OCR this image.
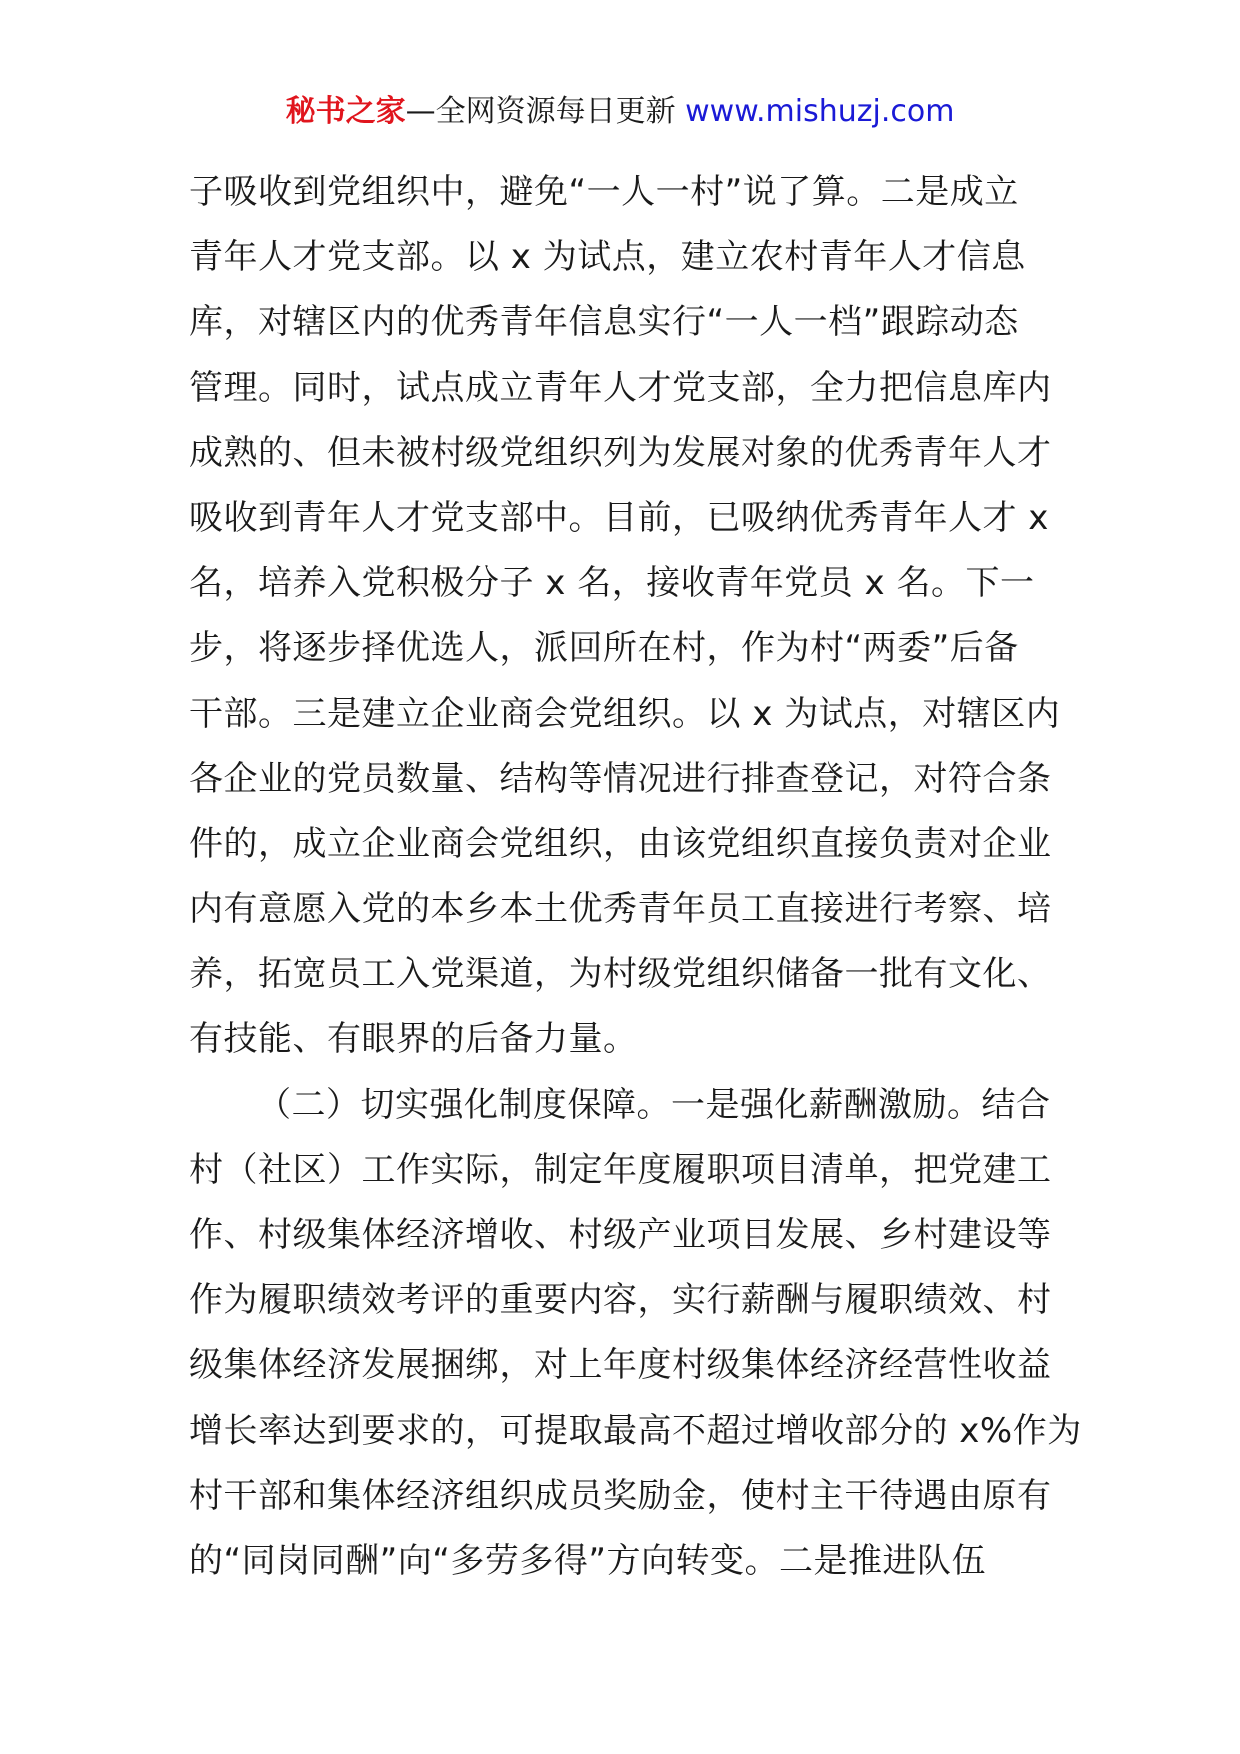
秘书之家—全网资源每日更新 www.mishuzj.com
子吸收到党组织中，避免“一人一村”说了算。二是成立
青年人才党支部。以 x 为试点，建立农村青年人才信息
库，对辖区内的优秀青年信息实行“一人一档”跟踪动态
管理。同时，试点成立青年人才党支部，全力把信息库内
成熟的、但未被村级党组织列为发展对象的优秀青年人才
吸收到青年人才党支部中。目前，已吸纳优秀青年人才 x
名，培养入党积极分子 x 名，接收青年党员 x 名。下一
步，将逐步择优选人，派回所在村，作为村“两委”后备
干部。三是建立企业商会党组织。以 x 为试点，对辖区内
各企业的党员数量、结构等情况进行排查登记，对符合条
件的，成立企业商会党组织，由该党组织直接负责对企业
内有意愿入党的本乡本土优秀青年员工直接进行考察、培
养，拓宽员工入党渠道，为村级党组织储备一批有文化、
有技能、有眼界的后备力量。
（二）切实强化制度保障。一是强化薪酬激励。结合
村（社区）工作实际，制定年度履职项目清单，把党建工
作、村级集体经济增收、村级产业项目发展、乡村建设等
作为履职绩效考评的重要内容，实行薪酬与履职绩效、村
级集体经济发展捆绑，对上年度村级集体经济经营性收益
增长率达到要求的，可提取最高不超过增收部分的 x%作为
村干部和集体经济组织成员奖励金，使村主干待遇由原有
的“同岗同酬”向“多劳多得”方向转变。二是推进队伍
